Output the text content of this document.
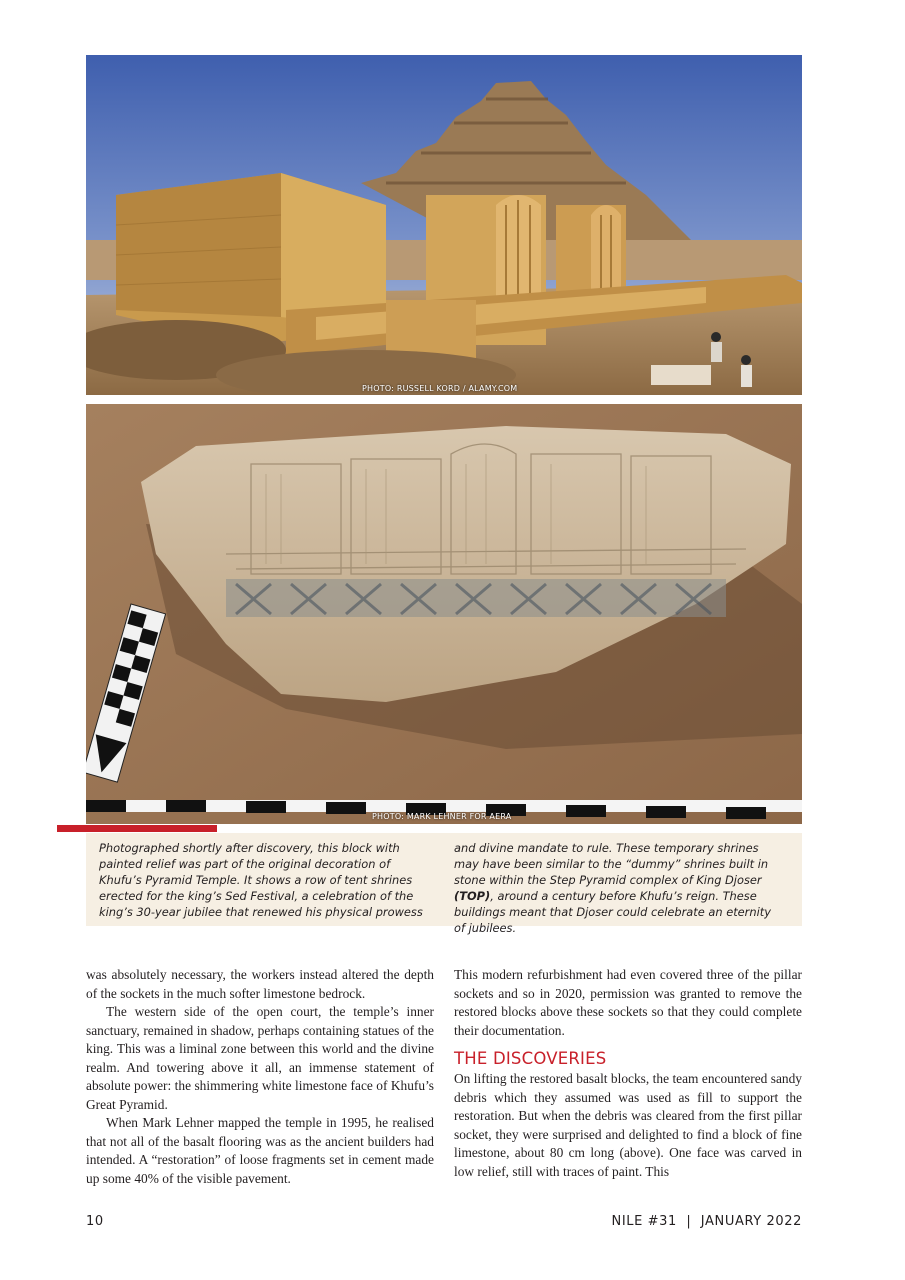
PHOTO: RUSSELL KORD / ALAMY.COM
PHOTO: MARK LEHNER FOR AERA
Photographed shortly after discovery, this block with painted relief was part of the original decoration of Khufu’s Pyramid Temple. It shows a row of tent shrines erected for the king’s Sed Festival, a celebration of the king’s 30-year jubilee that renewed his physical prowess
and divine mandate to rule. These temporary shrines may have been similar to the “dummy” shrines built in stone within the Step Pyramid complex of King Djoser (TOP), around a century before Khufu’s reign. These buildings meant that Djoser could celebrate an eternity of jubilees.

was absolutely necessary, the workers instead altered the depth of the sockets in the much softer limestone bedrock.

The western side of the open court, the temple’s inner sanctuary, remained in shadow, perhaps containing statues of the king. This was a liminal zone between this world and the divine realm. And towering above it all, an immense statement of absolute power: the shimmering white limestone face of Khufu’s Great Pyramid.

When Mark Lehner mapped the temple in 1995, he realised that not all of the basalt flooring was as the ancient builders had intended. A “restoration” of loose fragments set in cement made up some 40% of the visible pavement.

This modern refurbishment had even covered three of the pillar sockets and so in 2020, permission was granted to remove the restored blocks above these sockets so that they could complete their documentation.

THE DISCOVERIES

On lifting the restored basalt blocks, the team encountered sandy debris which they assumed was used as fill to support the restoration. But when the debris was cleared from the first pillar socket, they were surprised and delighted to find a block of fine limestone, about 80 cm long (above). One face was carved in low relief, still with traces of paint. This

10	NILE #31  |  JANUARY 2022
